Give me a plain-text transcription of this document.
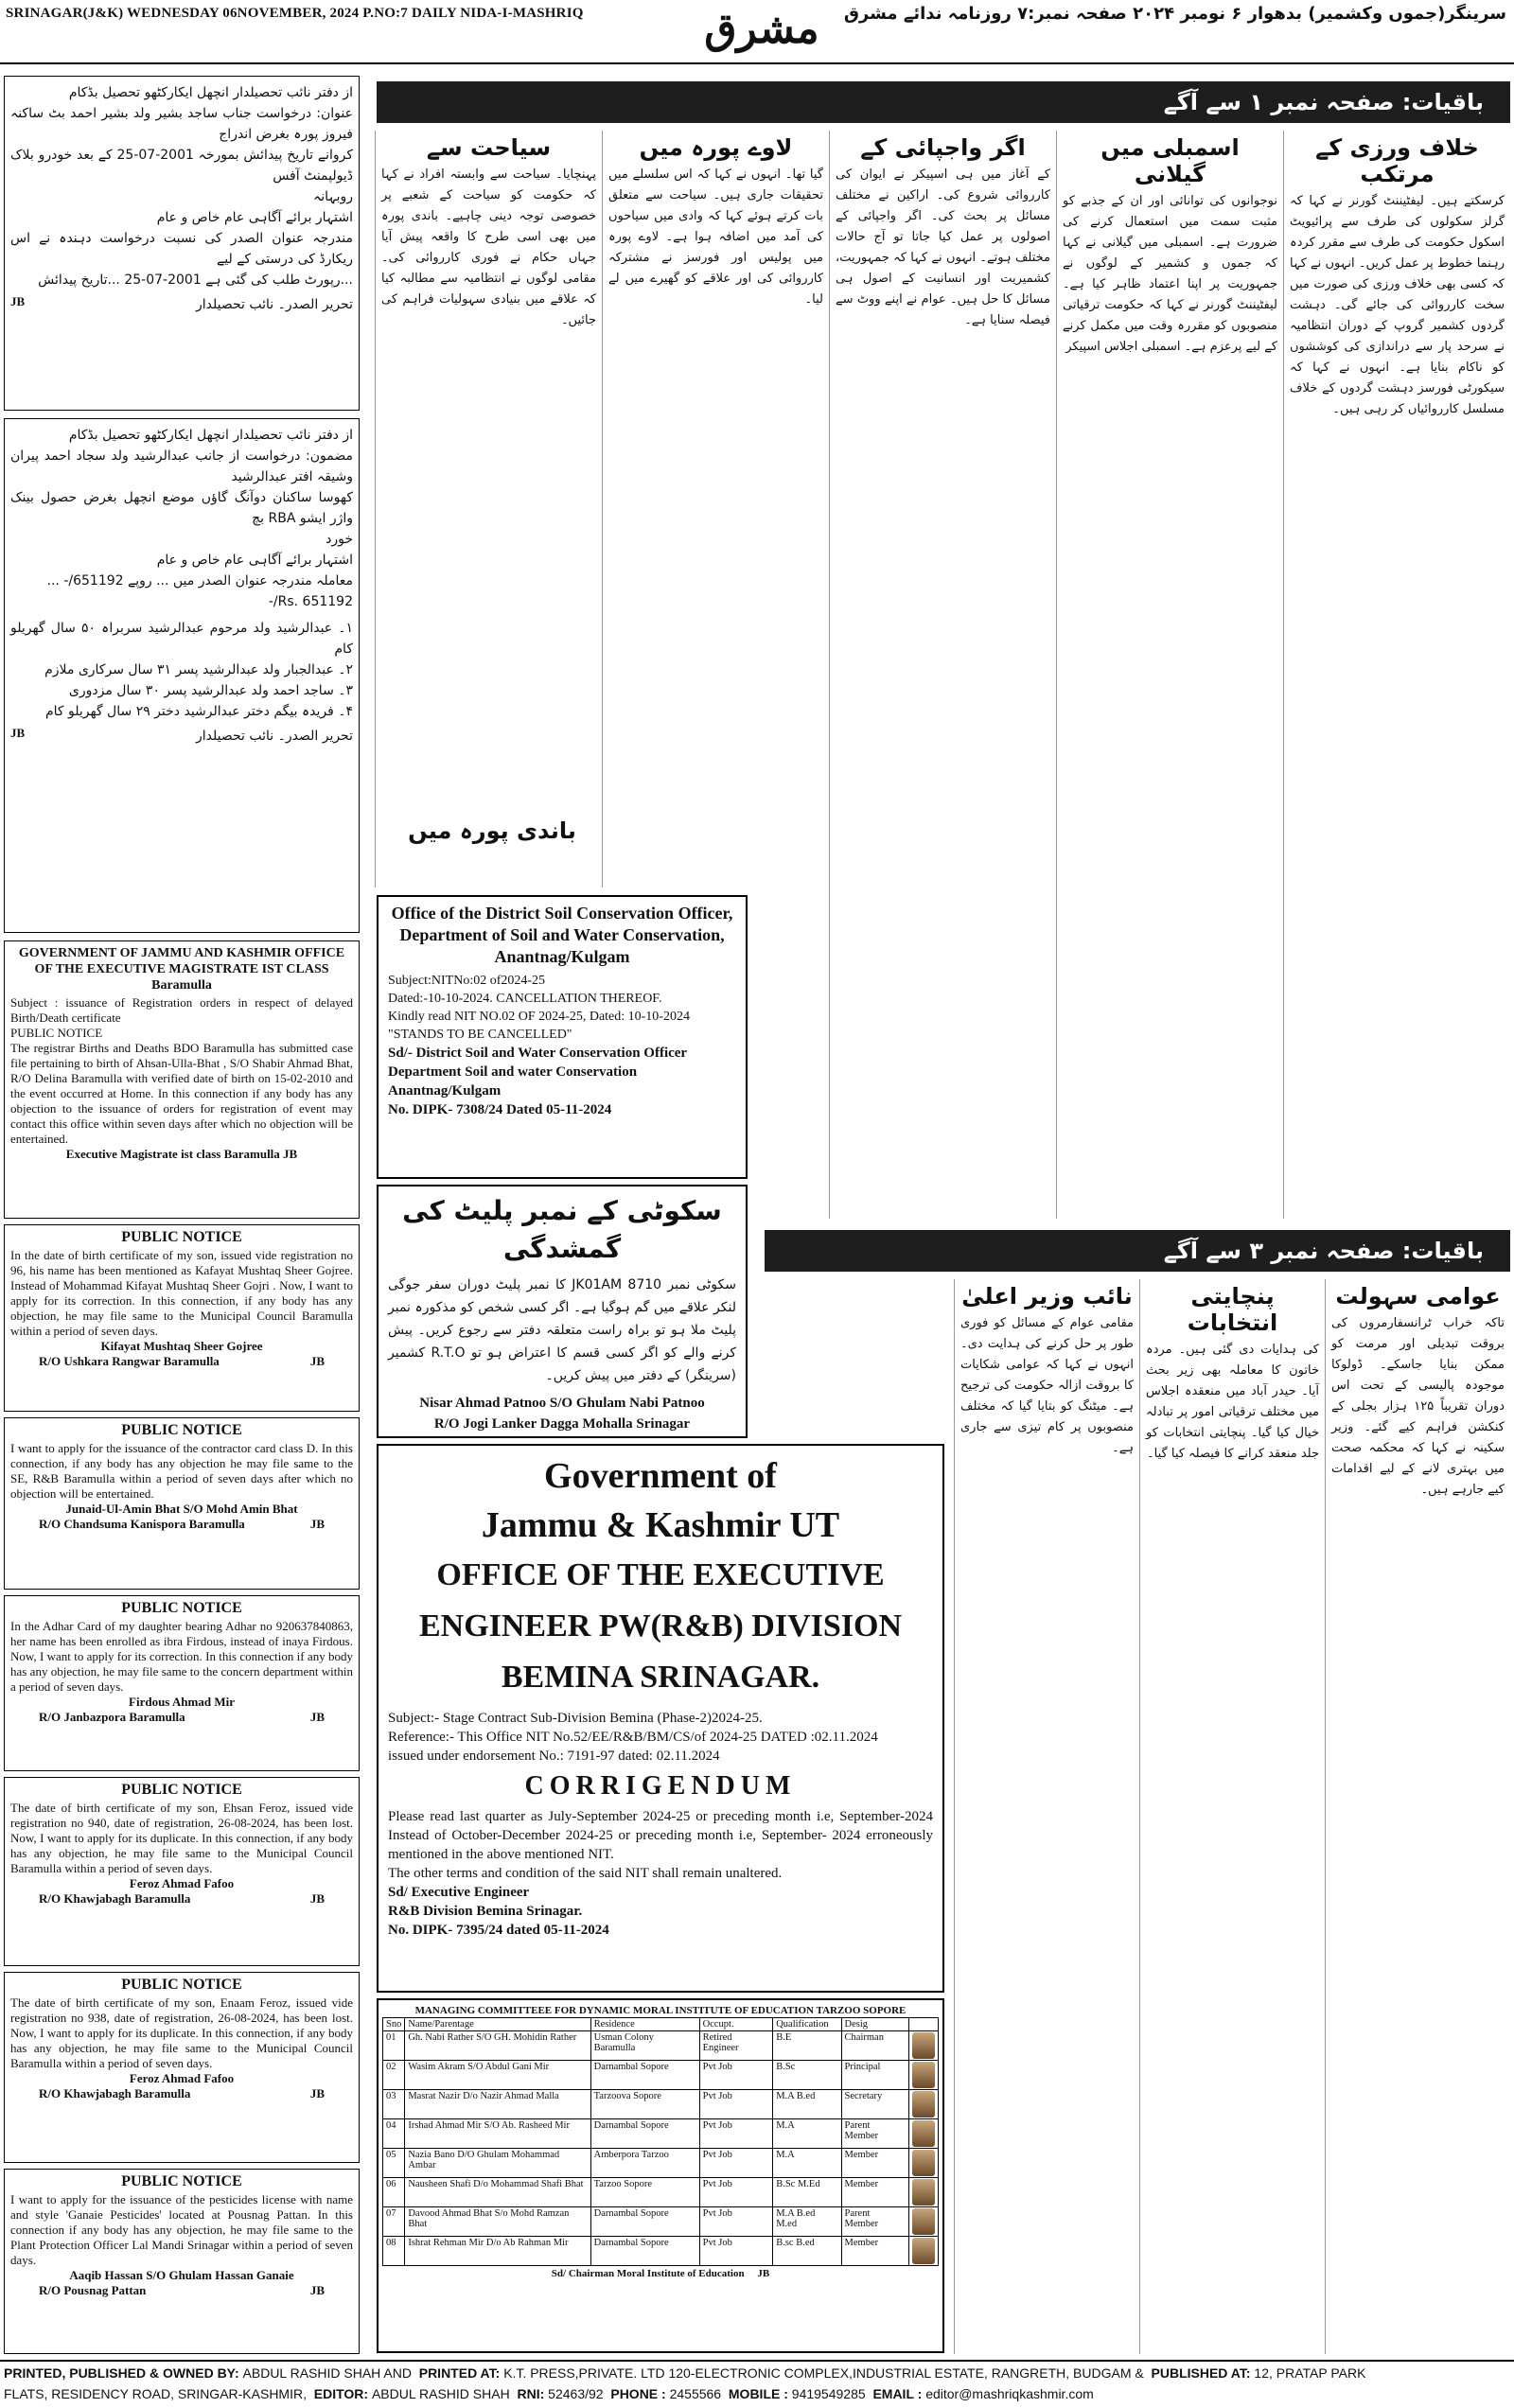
SRINAGAR(J&K) WEDNESDAY 06NOVEMBER, 2024 P.NO:7 DAILY NIDA-I-MASHRIQ	مشرق سرینگر(جموں وکشمیر) بدھوار ۶ نومبر ۲۰۲۴ صفحہ نمبر:۷ روزنامہ ندائے مشرق
از دفتر نائب تحصیلدار انچھل ایکارکٹھو تحصیل بڈکام
عنوان: درخواست جناب ساجد بشیر ولد بشیر احمد بٹ ساکنہ فیروز پورہ بغرض اندراج
کروانے تاریخ پیدائش بمورخہ 2001-07-25 کے بعد خودرو بلاک ڈیولپمنٹ آفس
روبہانہ
اشتہار برائے آگاہی عام خاص و عام
مندرجہ عنوان الصدر کی نسبت درخواست دہندہ نے اس ریکارڈ کی درستی کے لیے
...رپورٹ طلب کی گئی ہے 2001-07-25 ...تاریخ پیدائش
JB	تحریر الصدر۔ نائب تحصیلدار
از دفتر نائب تحصیلدار انچھل ایکارکٹھو تحصیل بڈکام
مضمون: درخواست از جانب عبدالرشید ولد سجاد احمد پیران وشیقہ افتر عبدالرشید
کھوسا ساکنان دوآنگ گاؤں موضع انچھل بغرض حصول بینک واژر ایشو RBA بچ
خورد
اشتہار برائے آگاہی عام خاص و عام
معاملہ مندرجہ عنوان الصدر میں ... روپے 651192/- ...
Rs. 651192/-
۱۔ عبدالرشید ولد مرحوم عبدالرشید سربراہ ۵۰ سال گھریلو کام
۲۔ عبدالجبار ولد عبدالرشید پسر ۳۱ سال سرکاری ملازم
۳۔ ساجد احمد ولد عبدالرشید پسر ۳۰ سال مزدوری
۴۔ فریدہ بیگم دختر عبدالرشید دختر ۲۹ سال گھریلو کام
JB	تحریر الصدر۔ نائب تحصیلدار
GOVERNMENT OF JAMMU AND KASHMIR OFFICE OF THE EXECUTIVE MAGISTRATE IST CLASS Baramulla
Subject : issuance of Registration orders in respect of delayed Birth/Death certificate
PUBLIC NOTICE
The registrar Births and Deaths BDO Baramulla has submitted case file pertaining to birth of Ahsan-Ulla-Bhat , S/O Shabir Ahmad Bhat, R/O Delina Baramulla with verified date of birth on 15-02-2010 and the event occurred at Home. In this connection if any body has any objection to the issuance of orders for registration of event may contact this office within seven days after which no objection will be entertained.
Executive Magistrate ist class Baramulla JB
PUBLIC NOTICE
In the date of birth certificate of my son, issued vide registration no 96, his name has been mentioned as Kafayat Mushtaq Sheer Gojree. Instead of Mohammad Kifayat Mushtaq Sheer Gojri . Now, I want to apply for its correction. In this connection, if any body has any objection, he may file same to the Municipal Council Baramulla within a period of seven days.
Kifayat Mushtaq Sheer Gojree
R/O Ushkara Rangwar Baramulla	JB
PUBLIC NOTICE
I want to apply for the issuance of the contractor card class D. In this connection, if any body has any objection he may file same to the SE, R&B Baramulla within a period of seven days after which no objection will be entertained.
Junaid-Ul-Amin Bhat S/O Mohd Amin Bhat
R/O Chandsuma Kanispora Baramulla	JB
PUBLIC NOTICE
In the Adhar Card of my daughter bearing Adhar no 920637840863, her name has been enrolled as ibra Firdous, instead of inaya Firdous. Now, I want to apply for its correction. In this connection if any body has any objection, he may file same to the concern department within a period of seven days.
Firdous Ahmad Mir
R/O Janbazpora Baramulla	JB
PUBLIC NOTICE
The date of birth certificate of my son, Ehsan Feroz, issued vide registration no 940, date of registration, 26-08-2024, has been lost. Now, I want to apply for its duplicate. In this connection, if any body has any objection, he may file same to the Municipal Council Baramulla within a period of seven days.
Feroz Ahmad Fafoo
R/O Khawjabagh Baramulla	JB
PUBLIC NOTICE
The date of birth certificate of my son, Enaam Feroz, issued vide registration no 938, date of registration, 26-08-2024, has been lost. Now, I want to apply for its duplicate. In this connection, if any body has any objection, he may file same to the Municipal Council Baramulla within a period of seven days.
Feroz Ahmad Fafoo
R/O Khawjabagh Baramulla	JB
PUBLIC NOTICE
I want to apply for the issuance of the pesticides license with name and style 'Ganaie Pesticides' located at Pousnag Pattan. In this connection if any body has any objection, he may file same to the Plant Protection Officer Lal Mandi Srinagar within a period of seven days.
Aaqib Hassan S/O Ghulam Hassan Ganaie
R/O Pousnag Pattan	JB
باقیات: صفحہ نمبر ۱ سے آگے
خلاف ورزی کے مرتکب
کرسکتے ہیں۔ لیفٹیننٹ گورنر نے کہا کہ گرلز سکولوں کی طرف سے پرائیویٹ اسکول حکومت کی طرف سے مقرر کردہ رہنما خطوط پر عمل کریں۔ انہوں نے کہا کہ کسی بھی خلاف ورزی کی صورت میں سخت کارروائی کی جائے گی۔ دہشت گردوں کشمیر گروپ کے دوران انتظامیہ نے سرحد پار سے دراندازی کی کوششوں کو ناکام بنایا ہے۔ انہوں نے کہا کہ سیکورٹی فورسز دہشت گردوں کے خلاف مسلسل کارروائیاں کر رہی ہیں۔
اسمبلی میں گیلانی
نوجوانوں کی توانائی اور ان کے جذبے کو مثبت سمت میں استعمال کرنے کی ضرورت ہے۔ اسمبلی میں گیلانی نے کہا کہ جموں و کشمیر کے لوگوں نے جمہوریت پر اپنا اعتماد ظاہر کیا ہے۔ لیفٹیننٹ گورنر نے کہا کہ حکومت ترقیاتی منصوبوں کو مقررہ وقت میں مکمل کرنے کے لیے پرعزم ہے۔ اسمبلی اجلاس اسپیکر
اگر واجپائی کے
کے آغاز میں ہی اسپیکر نے ایوان کی کارروائی شروع کی۔ اراکین نے مختلف مسائل پر بحث کی۔ اگر واجپائی کے اصولوں پر عمل کیا جاتا تو آج حالات مختلف ہوتے۔ انہوں نے کہا کہ جمہوریت، کشمیریت اور انسانیت کے اصول ہی مسائل کا حل ہیں۔ عوام نے اپنے ووٹ سے فیصلہ سنایا ہے۔
لاوے پورہ میں
گیا تھا۔ انہوں نے کہا کہ اس سلسلے میں تحقیقات جاری ہیں۔ سیاحت سے متعلق بات کرتے ہوئے کہا کہ وادی میں سیاحوں کی آمد میں اضافہ ہوا ہے۔ لاوے پورہ میں پولیس اور فورسز نے مشترکہ کارروائی کی اور علاقے کو گھیرے میں لے لیا۔
سیاحت سے
پہنچایا۔ سیاحت سے وابستہ افراد نے کہا کہ حکومت کو سیاحت کے شعبے پر خصوصی توجہ دینی چاہیے۔ باندی پورہ میں بھی اسی طرح کا واقعہ پیش آیا جہاں حکام نے فوری کارروائی کی۔ مقامی لوگوں نے انتظامیہ سے مطالبہ کیا کہ علاقے میں بنیادی سہولیات فراہم کی جائیں۔
باندی پورہ میں
Office of the District Soil Conservation Officer, Department of Soil and Water Conservation, Anantnag/Kulgam
Subject:NITNo:02 of2024-25
Dated:-10-10-2024. CANCELLATION THEREOF.
Kindly read NIT NO.02 OF 2024-25, Dated: 10-10-2024
"STANDS TO BE CANCELLED"
Sd/- District Soil and Water Conservation Officer
Department Soil and water Conservation Anantnag/Kulgam
No. DIPK- 7308/24 Dated 05-11-2024
سکوٹی کے نمبر پلیٹ کی گمشدگی
سکوٹی نمبر JK01AM 8710 کا نمبر پلیٹ دوران سفر جوگی لنکر علاقے میں گم ہوگیا ہے۔ اگر کسی شخص کو مذکورہ نمبر پلیٹ ملا ہو تو براہ راست متعلقہ دفتر سے رجوع کریں۔ پیش کرنے والے کو اگر کسی قسم کا اعتراض ہو تو R.T.O کشمیر (سرینگر) کے دفتر میں پیش کریں۔
Nisar Ahmad Patnoo S/O Ghulam Nabi Patnoo
R/O Jogi Lanker Dagga Mohalla Srinagar
Government of
Jammu & Kashmir UT
OFFICE OF THE EXECUTIVE
ENGINEER PW(R&B) DIVISION
BEMINA SRINAGAR.
Subject:- Stage Contract Sub-Division Bemina (Phase-2)2024-25.
Reference:- This Office NIT No.52/EE/R&B/BM/CS/of 2024-25 DATED :02.11.2024
issued under endorsement No.: 7191-97 dated: 02.11.2024
CORRIGENDUM
Please read last quarter as July-September 2024-25 or preceding month i.e, September-2024 Instead of October-December 2024-25 or preceding month i.e, September- 2024 erroneously mentioned in the above mentioned NIT.
The other terms and condition of the said NIT shall remain unaltered.
Sd/ Executive Engineer
R&B Division Bemina Srinagar.
No. DIPK- 7395/24 dated 05-11-2024
MANAGING COMMITTEEE FOR DYNAMIC MORAL INSTITUTE OF EDUCATION TARZOO SOPORE
Sno	Name/Parentage	Residence	Occupt.	Qualification	Desig	
01	Gh. Nabi Rather S/O GH. Mohidin Rather	Usman Colony Baramulla	Retired Engineer	B.E	Chairman	

02	Wasim Akram S/O Abdul Gani Mir	Darnambal Sopore	Pvt Job	B.Sc	Principal	

03	Masrat Nazir D/o Nazir Ahmad Malla	Tarzoova Sopore	Pvt Job	M.A B.ed	Secretary	

04	Irshad Ahmad Mir S/O Ab. Rasheed Mir	Darnambal Sopore	Pvt Job	M.A	Parent Member	

05	Nazia Bano D/O Ghulam Mohammad Ambar	Amberpora Tarzoo	Pvt Job	M.A	Member	

06	Nausheen Shafi D/o Mohammad Shafi Bhat	Tarzoo Sopore	Pvt Job	B.Sc M.Ed	Member	

07	Davood Ahmad Bhat S/o Mohd Ramzan Bhat	Darnambal Sopore	Pvt Job	M.A B.ed M.ed	Parent Member	

08	Ishrat Rehman Mir D/o Ab Rahman Mir	Darnambal Sopore	Pvt Job	B.sc B.ed	Member	
Sd/ Chairman Moral Institute of Education JB
باقیات: صفحہ نمبر ۳ سے آگے
عوامی سہولت
تاکہ خراب ٹرانسفارمروں کی بروقت تبدیلی اور مرمت کو ممکن بنایا جاسکے۔ ڈولوکا موجودہ پالیسی کے تحت اس دوران تقریباً ۱۲۵ ہزار بجلی کے کنکشن فراہم کیے گئے۔ وزیر سکینہ نے کہا کہ محکمہ صحت میں بہتری لانے کے لیے اقدامات کیے جارہے ہیں۔
پنچایتی انتخابات
کی ہدایات دی گئی ہیں۔ مردہ خاتون کا معاملہ بھی زیر بحث آیا۔ حیدر آباد میں منعقدہ اجلاس میں مختلف ترقیاتی امور پر تبادلہ خیال کیا گیا۔ پنچایتی انتخابات کو جلد منعقد کرانے کا فیصلہ کیا گیا۔
نائب وزیر اعلیٰ
مقامی عوام کے مسائل کو فوری طور پر حل کرنے کی ہدایت دی۔ انہوں نے کہا کہ عوامی شکایات کا بروقت ازالہ حکومت کی ترجیح ہے۔ میٹنگ کو بتایا گیا کہ مختلف منصوبوں پر کام تیزی سے جاری ہے۔
PRINTED, PUBLISHED & OWNED BY: ABDUL RASHID SHAH AND PRINTED AT: K.T. PRESS,PRIVATE. LTD 120-ELECTRONIC COMPLEX,INDUSTRIAL ESTATE, RANGRETH, BUDGAM & PUBLISHED AT: 12, PRATAP PARK
FLATS, RESIDENCY ROAD, SRINGAR-KASHMIR, EDITOR: ABDUL RASHID SHAH RNI: 52463/92 PHONE : 2455566 MOBILE : 9419549285 EMAIL : editor@mashriqkashmir.com
